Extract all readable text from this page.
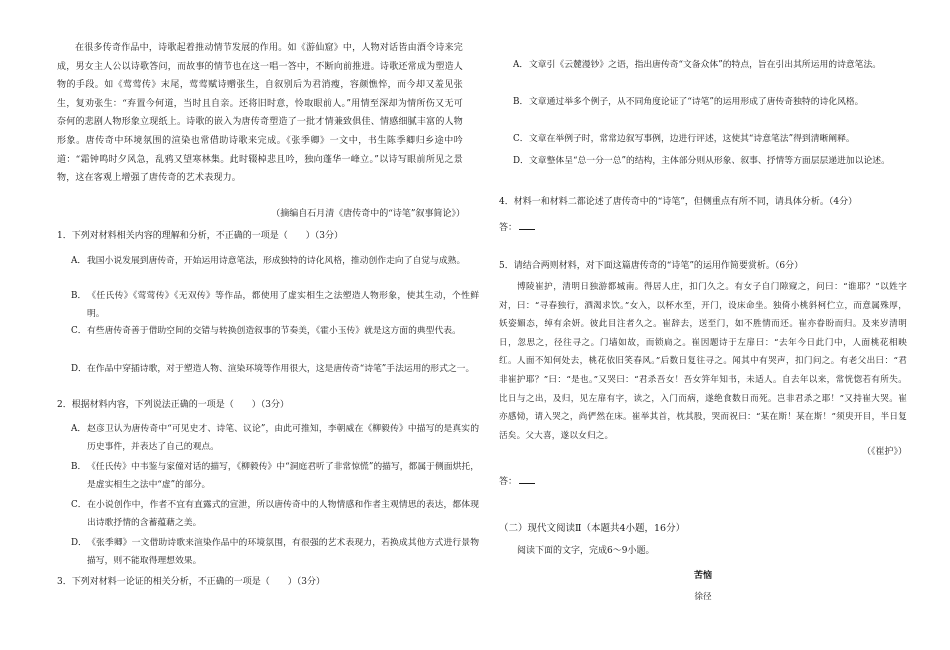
在很多传奇作品中，诗歌起着推动情节发展的作用。如《游仙窟》中，人物对话皆由酒令诗来完成，男女主人公以诗歌答问，而故事的情节也在这一唱一答中，不断向前推进。诗歌还常成为塑造人物的手段。如《莺莺传》末尾，莺莺赋诗赠张生，自叙别后为君消瘦，容颜憔悴，而今却又羞见张生，复劝张生：“弃置今何道，当时且自亲。还将旧时意，怜取眼前人。”用情至深却为情所伤又无可奈何的悲剧人物形象立现纸上。诗歌的嵌入为唐传奇塑造了一批才情兼致俱佳、情感细腻丰富的人物形象。唐传奇中环境氛围的渲染也常借助诗歌来完成。《张季卿》一文中，书生陈季卿归乡途中吟道：“霜钟鸣时夕风急，乱鸦又望寒林集。此时辍棹悲且吟，独向蓬华一峰立。”以诗写眼前所见之景物，这在客观上增强了唐传奇的艺术表现力。
（摘编自石月清《唐传奇中的“诗笔”叙事简论》）
1．下列对材料相关内容的理解和分析，不正确的一项是（　　）（3分）
A．我国小说发展到唐传奇，开始运用诗意笔法，形成独特的诗化风格，推动创作走向了自觉与成熟。
B．《任氏传》《莺莺传》《无双传》等作品，都使用了虚实相生之法塑造人物形象，使其生动，个性鲜明。
C．有些唐传奇善于借助空间的交错与转换创造叙事的节奏美，《霍小玉传》就是这方面的典型代表。
D．在作品中穿插诗歌，对于塑造人物、渲染环境等作用很大，这是唐传奇“诗笔”手法运用的形式之一。
2．根据材料内容，下列说法正确的一项是（　　）（3分）
A．赵彦卫认为唐传奇中“可见史才、诗笔、议论”，由此可推知，李朝威在《柳毅传》中描写的是真实的历史事件，并表达了自己的观点。
B．《任氏传》中韦鉴与家僮对话的描写，《柳毅传》中“洞庭君听了非常惊慌”的描写，都属于侧面烘托，是虚实相生之法中“虚”的部分。
C．在小说创作中，作者不宜有直露式的宣泄，所以唐传奇中的人物情感和作者主观情思的表达，都体现出诗歌抒情的含蓄蕴藉之美。
D．《张季卿》一文借助诗歌来渲染作品中的环境氛围，有很强的艺术表现力，若换成其他方式进行景物描写，则不能取得理想效果。
3．下列对材料一论证的相关分析，不正确的一项是（　　）（3分）
A．文章引《云麓漫钞》之语，指出唐传奇“文备众体”的特点，旨在引出其所运用的诗意笔法。
B．文章通过举多个例子，从不同角度论证了“诗笔”的运用形成了唐传奇独特的诗化风格。
C．文章在举例子时，常常边叙写事例，边进行评述，这使其“诗意笔法”得到清晰阐释。
D．文章整体呈“总一分一总”的结构，主体部分则从形象、叙事、抒情等方面层层递进加以论述。
4．材料一和材料二都论述了唐传奇中的“诗笔”，但侧重点有所不同，请具体分析。（4分）
答：
5．请结合两则材料，对下面这篇唐传奇的“诗笔”的运用作简要赏析。（6分）
博陵崔护，清明日独游都城南。得居人庄，扣门久之。有女子自门隙窥之，问曰：“谁耶？”以姓字对，曰：“寻春独行，酒渴求饮。”女入，以杯水至，开门，设床命坐。独倚小桃斜柯伫立，而意属殊厚，妖姿媚态，绰有余妍。彼此目注者久之。崔辞去，送至门，如不胜情而还。崔亦眷盼而归。及来岁清明日，忽思之，径往寻之。门墙如故，而锁扃之。崔因题诗于左扉曰：“去年今日此门中，人面桃花相映红。人面不知何处去，桃花依旧笑春风。”后数日复往寻之。闻其中有哭声，扣门问之。有老父出曰：“君非崔护耶？”曰：“是也。”又哭曰：“君杀吾女！吾女笄年知书，未适人。自去年以来，常恍惚若有所失。比日与之出，及归，见左扉有字，读之，入门而病，遂绝食数日而死。岂非君杀之耶！”又持崔大哭。崔亦感恸，请入哭之，尚俨然在床。崔举其首，枕其股，哭而祝曰：“某在斯！某在斯！”须臾开目，半日复活矣。父大喜，遂以女归之。
（《崔护》）
答：
（二）现代文阅读Ⅱ（本题共4小题，16分）
阅读下面的文字，完成6～9小题。
苦恼
徐径
